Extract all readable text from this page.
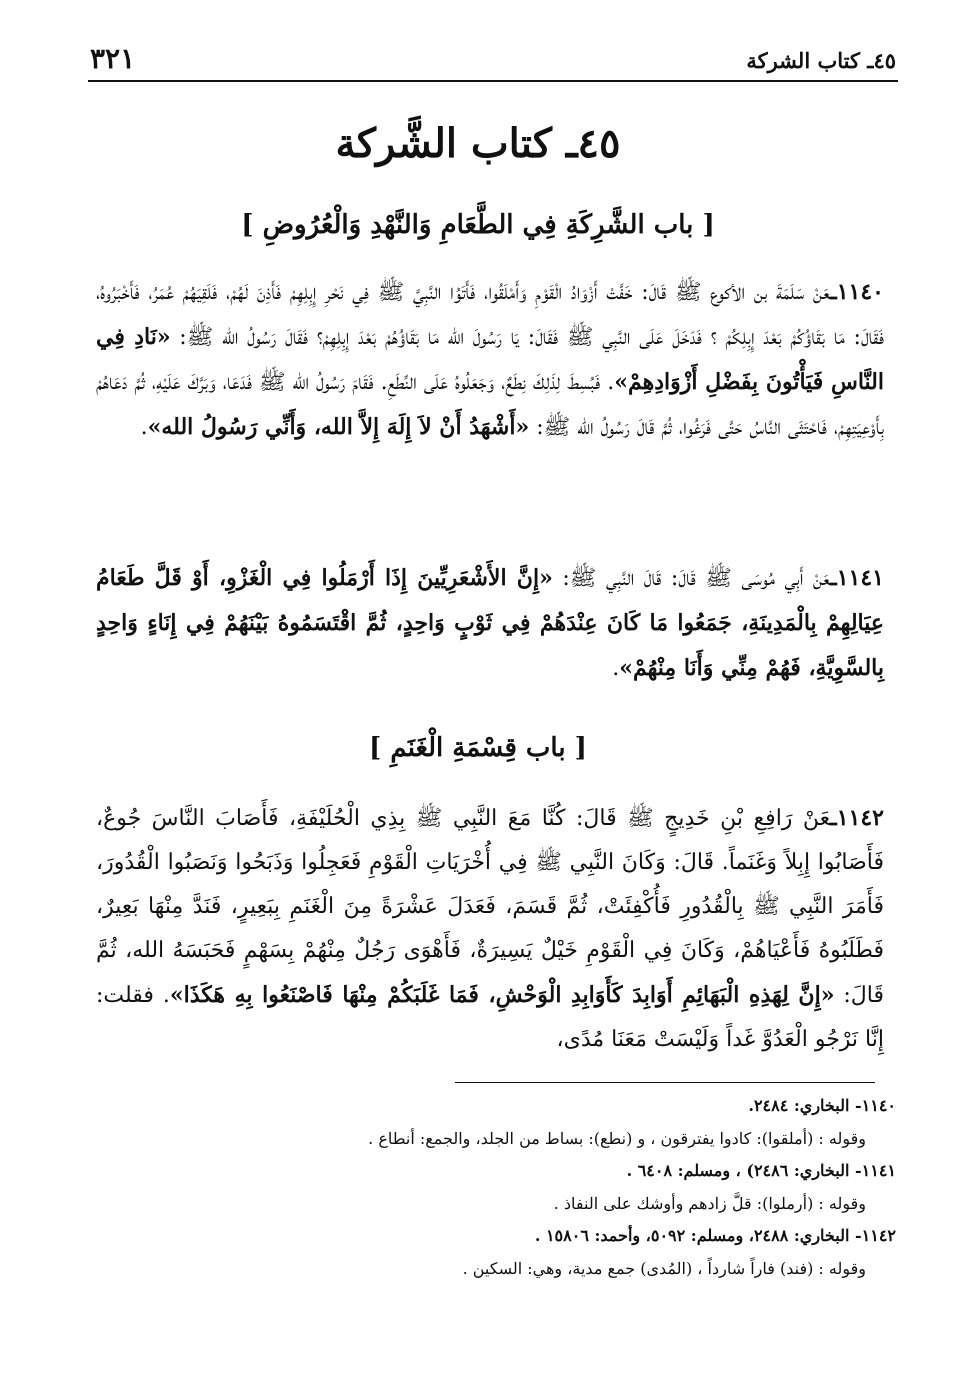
٤٥ـ كتاب الشركة
٣٢١
٤٥ـ كتاب الشَّركة
[ باب الشَّرِكَةِ فِي الطَّعَامِ وَالنَّهْدِ وَالْعُرُوضِ ]
١١٤٠ـعَنْ سَلَمَةَ بن الأكوع ﷺ قَالَ: خَفَّتْ أَزْوَادُ الْقَوْمِ وَأَمْلَقُوا، فَأَتَوُا النَّبِيَّ ﷺ فِي نَحْرِ إِبِلِهِمْ فَأَذِنَ لَهُمْ، فَلَقِيَهُمْ عُمَرُ، فَأَخْبَرُوهُ، فَقَالَ: مَا بَقَاؤُكُمْ بَعْدَ إِبِلِكُمْ ؟ فَدَخَلَ عَلَى النَّبِي ﷺ فَقَالَ: يَا رَسُولَ الله مَا بَقَاؤُهُمْ بَعْدَ إِبِلِهِمْ؟ فَقَالَ رَسُولُ الله ﷺ: «نَادِ فِي النَّاسِ فَيَأْتُونَ بِفَضْلِ أَزْوَادِهِمْ». فَبُسِطَ لِذَلِكَ نِطَعٌ، وَجَعَلُوهُ عَلَى النِّطَعِ. فَقَامَ رَسُولُ الله ﷺ فَدَعَا، وَبَرَّكَ عَلَيْهِ، ثُمَّ دَعَاهُمْ بِأَوْعِيَتِهِمْ، فَاحْتَثَى النَّاسُ حَتَّى فَرَغُوا، ثُمَّ قَالَ رَسُولُ الله ﷺ: «أَشْهَدُ أَنْ لاَ إِلَهَ إِلاَّ الله، وَأَنِّي رَسُولُ الله».
١١٤١ـعَنْ أَبِي مُوسَى ﷺ قَالَ: قَالَ النَّبِي ﷺ: «إِنَّ الأَشْعَرِيِّينَ إِذَا أَرْمَلُوا فِي الْغَزْوِ، أَوْ قَلَّ طَعَامُ عِيَالِهِمْ بِالْمَدِينَةِ، جَمَعُوا مَا كَانَ عِنْدَهُمْ فِي ثَوْبٍ وَاحِدٍ، ثُمَّ اقْتَسَمُوهُ بَيْنَهُمْ فِي إِنَاءٍ وَاحِدٍ بِالسَّوِيَّةِ، فَهُمْ مِنِّي وَأَنَا مِنْهُمْ».
[ باب قِسْمَةِ الْغَنَمِ ]
١١٤٢ـعَنْ رَافِعِ بْنِ خَدِيجٍ ﷺ قَالَ: كُنَّا مَعَ النَّبِي ﷺ بِذِي الْحُلَيْفَةِ، فَأَصَابَ النَّاسَ جُوعٌ، فَأَصَابُوا إِبِلاً وَغَنَماً. قَالَ: وَكَانَ النَّبِي ﷺ فِي أُخْرَيَاتِ الْقَوْمِ فَعَجِلُوا وَذَبَحُوا وَنَصَبُوا الْقُدُورَ، فَأَمَرَ النَّبِي ﷺ بِالْقُدُورِ فَأُكْفِئَتْ، ثُمَّ قَسَمَ، فَعَدَلَ عَشْرَةً مِنَ الْغَنَمِ بِبَعِيرٍ، فَنَدَّ مِنْهَا بَعِيرٌ، فَطَلَبُوهُ فَأَعْيَاهُمْ، وَكَانَ فِي الْقَوْمِ خَيْلٌ يَسِيرَةٌ، فَأَهْوَى رَجُلٌ مِنْهُمْ بِسَهْمٍ فَحَبَسَهُ الله، ثُمَّ قَالَ: «إِنَّ لِهَذِهِ الْبَهَائِمِ أَوَابِدَ كَأَوَابِدِ الْوَحْشِ، فَمَا غَلَبَكُمْ مِنْهَا فَاصْنَعُوا بِهِ هَكَذَا». فقلت: إِنَّا نَرْجُو الْعَدُوَّ غَداً وَلَيْسَتْ مَعَنَا مُدًى،
١١٤٠- البخاري: ٢٤٨٤.
وقوله : (أملقوا): كادوا يفترقون ، و (نطع): بساط من الجلد، والجمع: أنطاع .
١١٤١- البخاري: ٢٤٨٦) ، ومسلم: ٦٤٠٨ .
وقوله : (أرملوا): قلَّ زادهم وأوشك على النفاذ .
١١٤٢- البخاري: ٢٤٨٨، ومسلم: ٥٠٩٢، وأحمد: ١٥٨٠٦ .
وقوله : (فند) فاراً شارداً ، (المُدى) جمع مدية، وهي: السكين .
